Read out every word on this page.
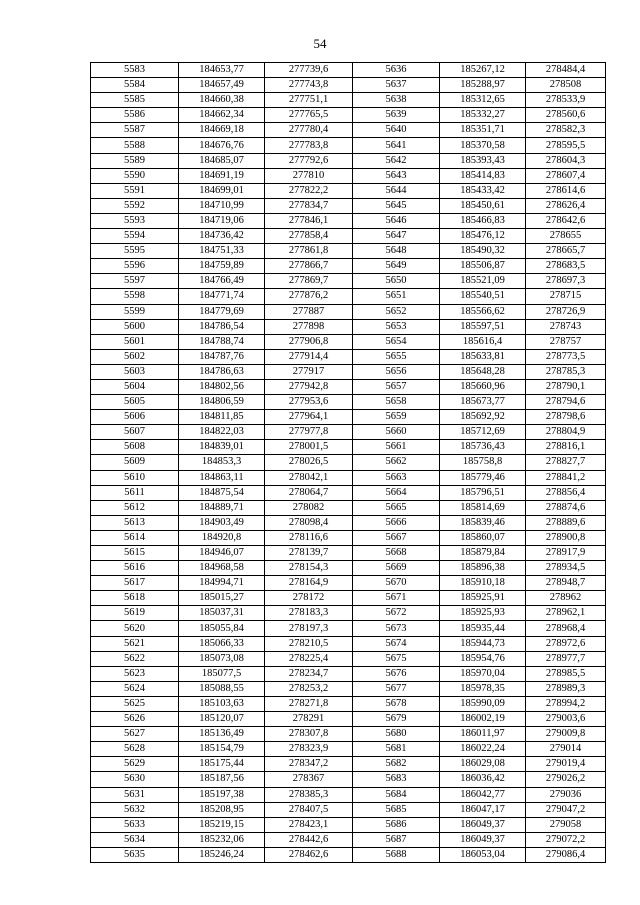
54
5583	184653,77	277739,6	5636	185267,12	278484,4
5584	184657,49	277743,8	5637	185288,97	278508
5585	184660,38	277751,1	5638	185312,65	278533,9
5586	184662,34	277765,5	5639	185332,27	278560,6
5587	184669,18	277780,4	5640	185351,71	278582,3
5588	184676,76	277783,8	5641	185370,58	278595,5
5589	184685,07	277792,6	5642	185393,43	278604,3
5590	184691,19	277810	5643	185414,83	278607,4
5591	184699,01	277822,2	5644	185433,42	278614,6
5592	184710,99	277834,7	5645	185450,61	278626,4
5593	184719,06	277846,1	5646	185466,83	278642,6
5594	184736,42	277858,4	5647	185476,12	278655
5595	184751,33	277861,8	5648	185490,32	278665,7
5596	184759,89	277866,7	5649	185506,87	278683,5
5597	184766,49	277869,7	5650	185521,09	278697,3
5598	184771,74	277876,2	5651	185540,51	278715
5599	184779,69	277887	5652	185566,62	278726,9
5600	184786,54	277898	5653	185597,51	278743
5601	184788,74	277906,8	5654	185616,4	278757
5602	184787,76	277914,4	5655	185633,81	278773,5
5603	184786,63	277917	5656	185648,28	278785,3
5604	184802,56	277942,8	5657	185660,96	278790,1
5605	184806,59	277953,6	5658	185673,77	278794,6
5606	184811,85	277964,1	5659	185692,92	278798,6
5607	184822,03	277977,8	5660	185712,69	278804,9
5608	184839,01	278001,5	5661	185736,43	278816,1
5609	184853,3	278026,5	5662	185758,8	278827,7
5610	184863,11	278042,1	5663	185779,46	278841,2
5611	184875,54	278064,7	5664	185796,51	278856,4
5612	184889,71	278082	5665	185814,69	278874,6
5613	184903,49	278098,4	5666	185839,46	278889,6
5614	184920,8	278116,6	5667	185860,07	278900,8
5615	184946,07	278139,7	5668	185879,84	278917,9
5616	184968,58	278154,3	5669	185896,38	278934,5
5617	184994,71	278164,9	5670	185910,18	278948,7
5618	185015,27	278172	5671	185925,91	278962
5619	185037,31	278183,3	5672	185925,93	278962,1
5620	185055,84	278197,3	5673	185935,44	278968,4
5621	185066,33	278210,5	5674	185944,73	278972,6
5622	185073,08	278225,4	5675	185954,76	278977,7
5623	185077,5	278234,7	5676	185970,04	278985,5
5624	185088,55	278253,2	5677	185978,35	278989,3
5625	185103,63	278271,8	5678	185990,09	278994,2
5626	185120,07	278291	5679	186002,19	279003,6
5627	185136,49	278307,8	5680	186011,97	279009,8
5628	185154,79	278323,9	5681	186022,24	279014
5629	185175,44	278347,2	5682	186029,08	279019,4
5630	185187,56	278367	5683	186036,42	279026,2
5631	185197,38	278385,3	5684	186042,77	279036
5632	185208,95	278407,5	5685	186047,17	279047,2
5633	185219,15	278423,1	5686	186049,37	279058
5634	185232,06	278442,6	5687	186049,37	279072,2
5635	185246,24	278462,6	5688	186053,04	279086,4
